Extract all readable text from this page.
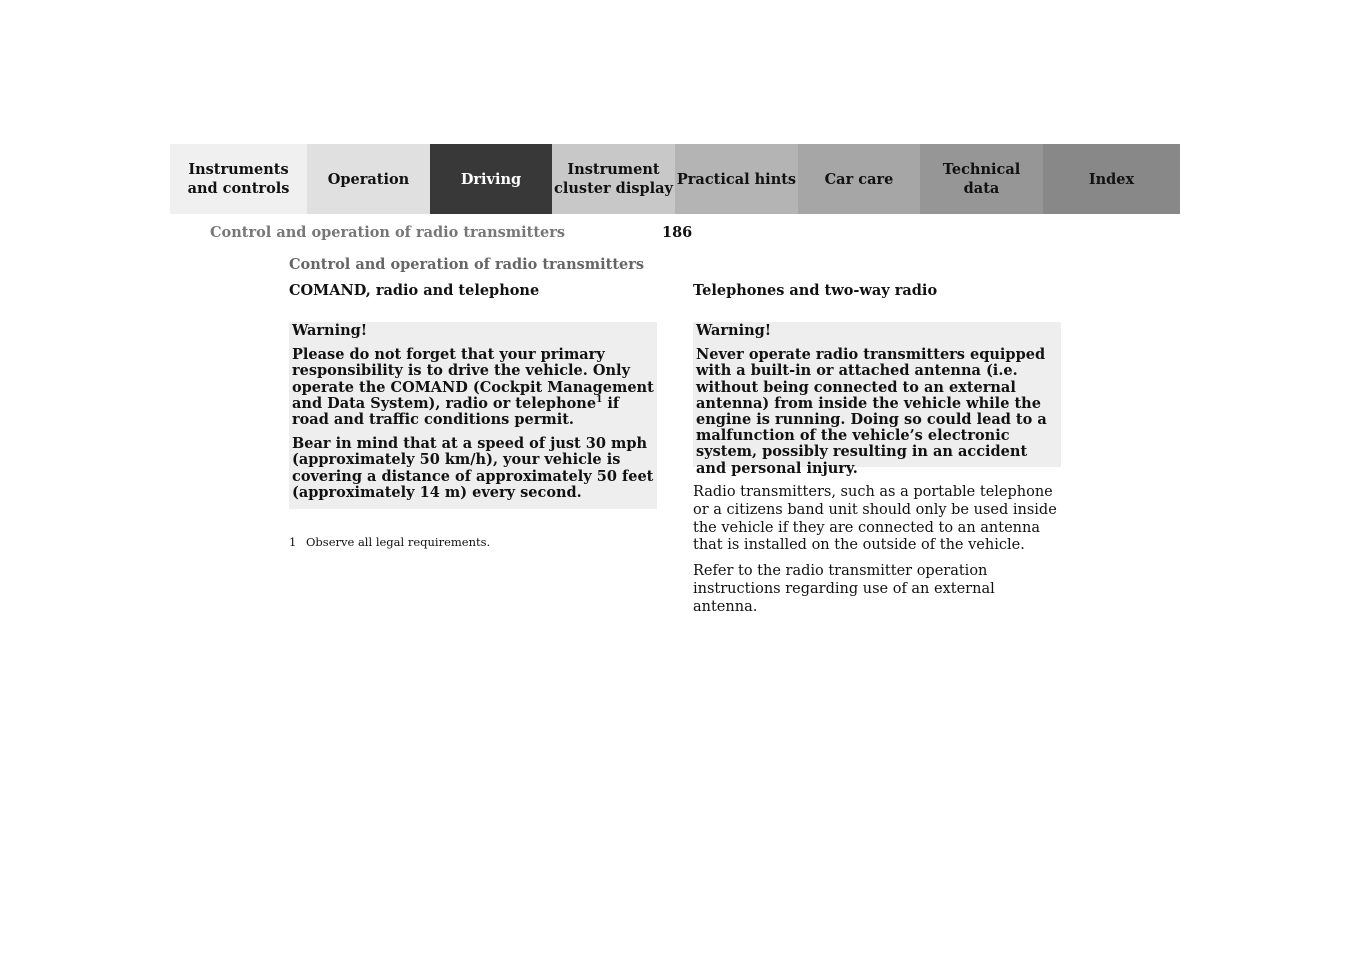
Instruments
and controls
Operation	Driving
Instrument
cluster display
Practical hints	Car care
Technical
data
Index
Control and operation of radio transmitters	186
Control and operation of radio transmitters
COMAND, radio and telephone	Telephones and two-way radio
Warning!

Please do not forget that your primary responsibility is to drive the vehicle. Only operate the COMAND (Cockpit Management and Data System), radio or telephone$^1$ if road and traffic conditions permit.

Bear in mind that at a speed of just 30 mph (approximately 50 km/h), your vehicle is covering a distance of approximately 50 feet (approximately 14 m) every second.

Warning!

Never operate radio transmitters equipped with a built-in or attached antenna (i.e. without being connected to an external antenna) from inside the vehicle while the engine is running. Doing so could lead to a malfunction of the vehicle’s electronic system, possibly resulting in an accident and personal injury.

1 Observe all legal requirements.

Radio transmitters, such as a portable telephone or a citizens band unit should only be used inside the vehicle if they are connected to an antenna that is installed on the outside of the vehicle.

Refer to the radio transmitter operation instructions regarding use of an external antenna.
